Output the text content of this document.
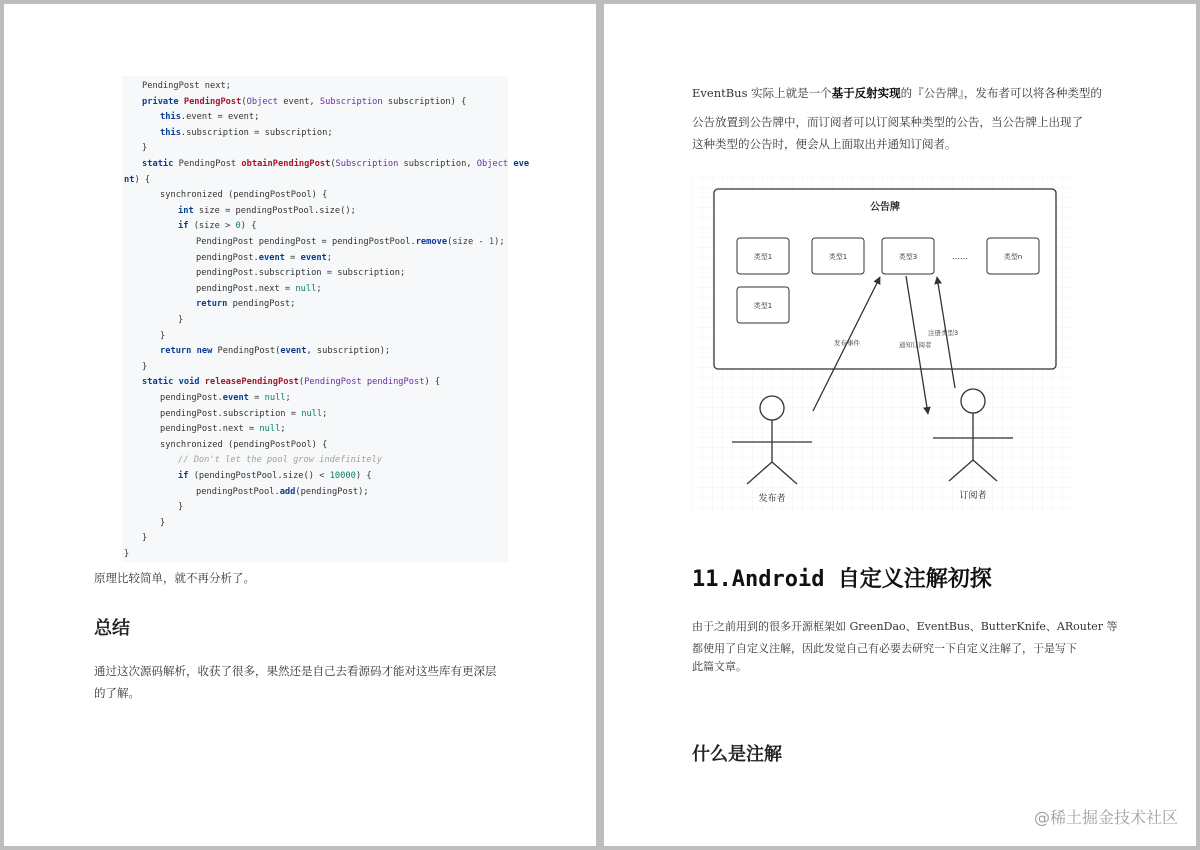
PendingPost next;
private PendingPost(Object event, Subscription subscription) {
this.event = event;
this.subscription = subscription;
}
static PendingPost obtainPendingPost(Subscription subscription, Object eve
nt) {
synchronized (pendingPostPool) {
int size = pendingPostPool.size();
if (size > 0) {
PendingPost pendingPost = pendingPostPool.remove(size - 1);
pendingPost.event = event;
pendingPost.subscription = subscription;
pendingPost.next = null;
return pendingPost;
}
}
return new PendingPost(event, subscription);
}
static void releasePendingPost(PendingPost pendingPost) {
pendingPost.event = null;
pendingPost.subscription = null;
pendingPost.next = null;
synchronized (pendingPostPool) {
// Don't let the pool grow indefinitely
if (pendingPostPool.size() < 10000) {
pendingPostPool.add(pendingPost);
}
}
}
}
原理比较简单，就不再分析了。
总结
通过这次源码解析，收获了很多，果然还是自己去看源码才能对这些库有更深层
的了解。
EventBus 实际上就是一个基于反射实现的『公告牌』，发布者可以将各种类型的
公告放置到公告牌中，而订阅者可以订阅某种类型的公告，当公告牌上出现了
这种类型的公告时，便会从上面取出并通知订阅者。
公告牌
类型1	类型1	类型3	……	类型n
类型1
发布事件	通知订阅者
注册类型3
发布者	订阅者
11.Android 自定义注解初探
由于之前用到的很多开源框架如 GreenDao、EventBus、ButterKnife、ARouter 等
都使用了自定义注解，因此发觉自己有必要去研究一下自定义注解了，于是写下
此篇文章。
什么是注解
@稀土掘金技术社区
